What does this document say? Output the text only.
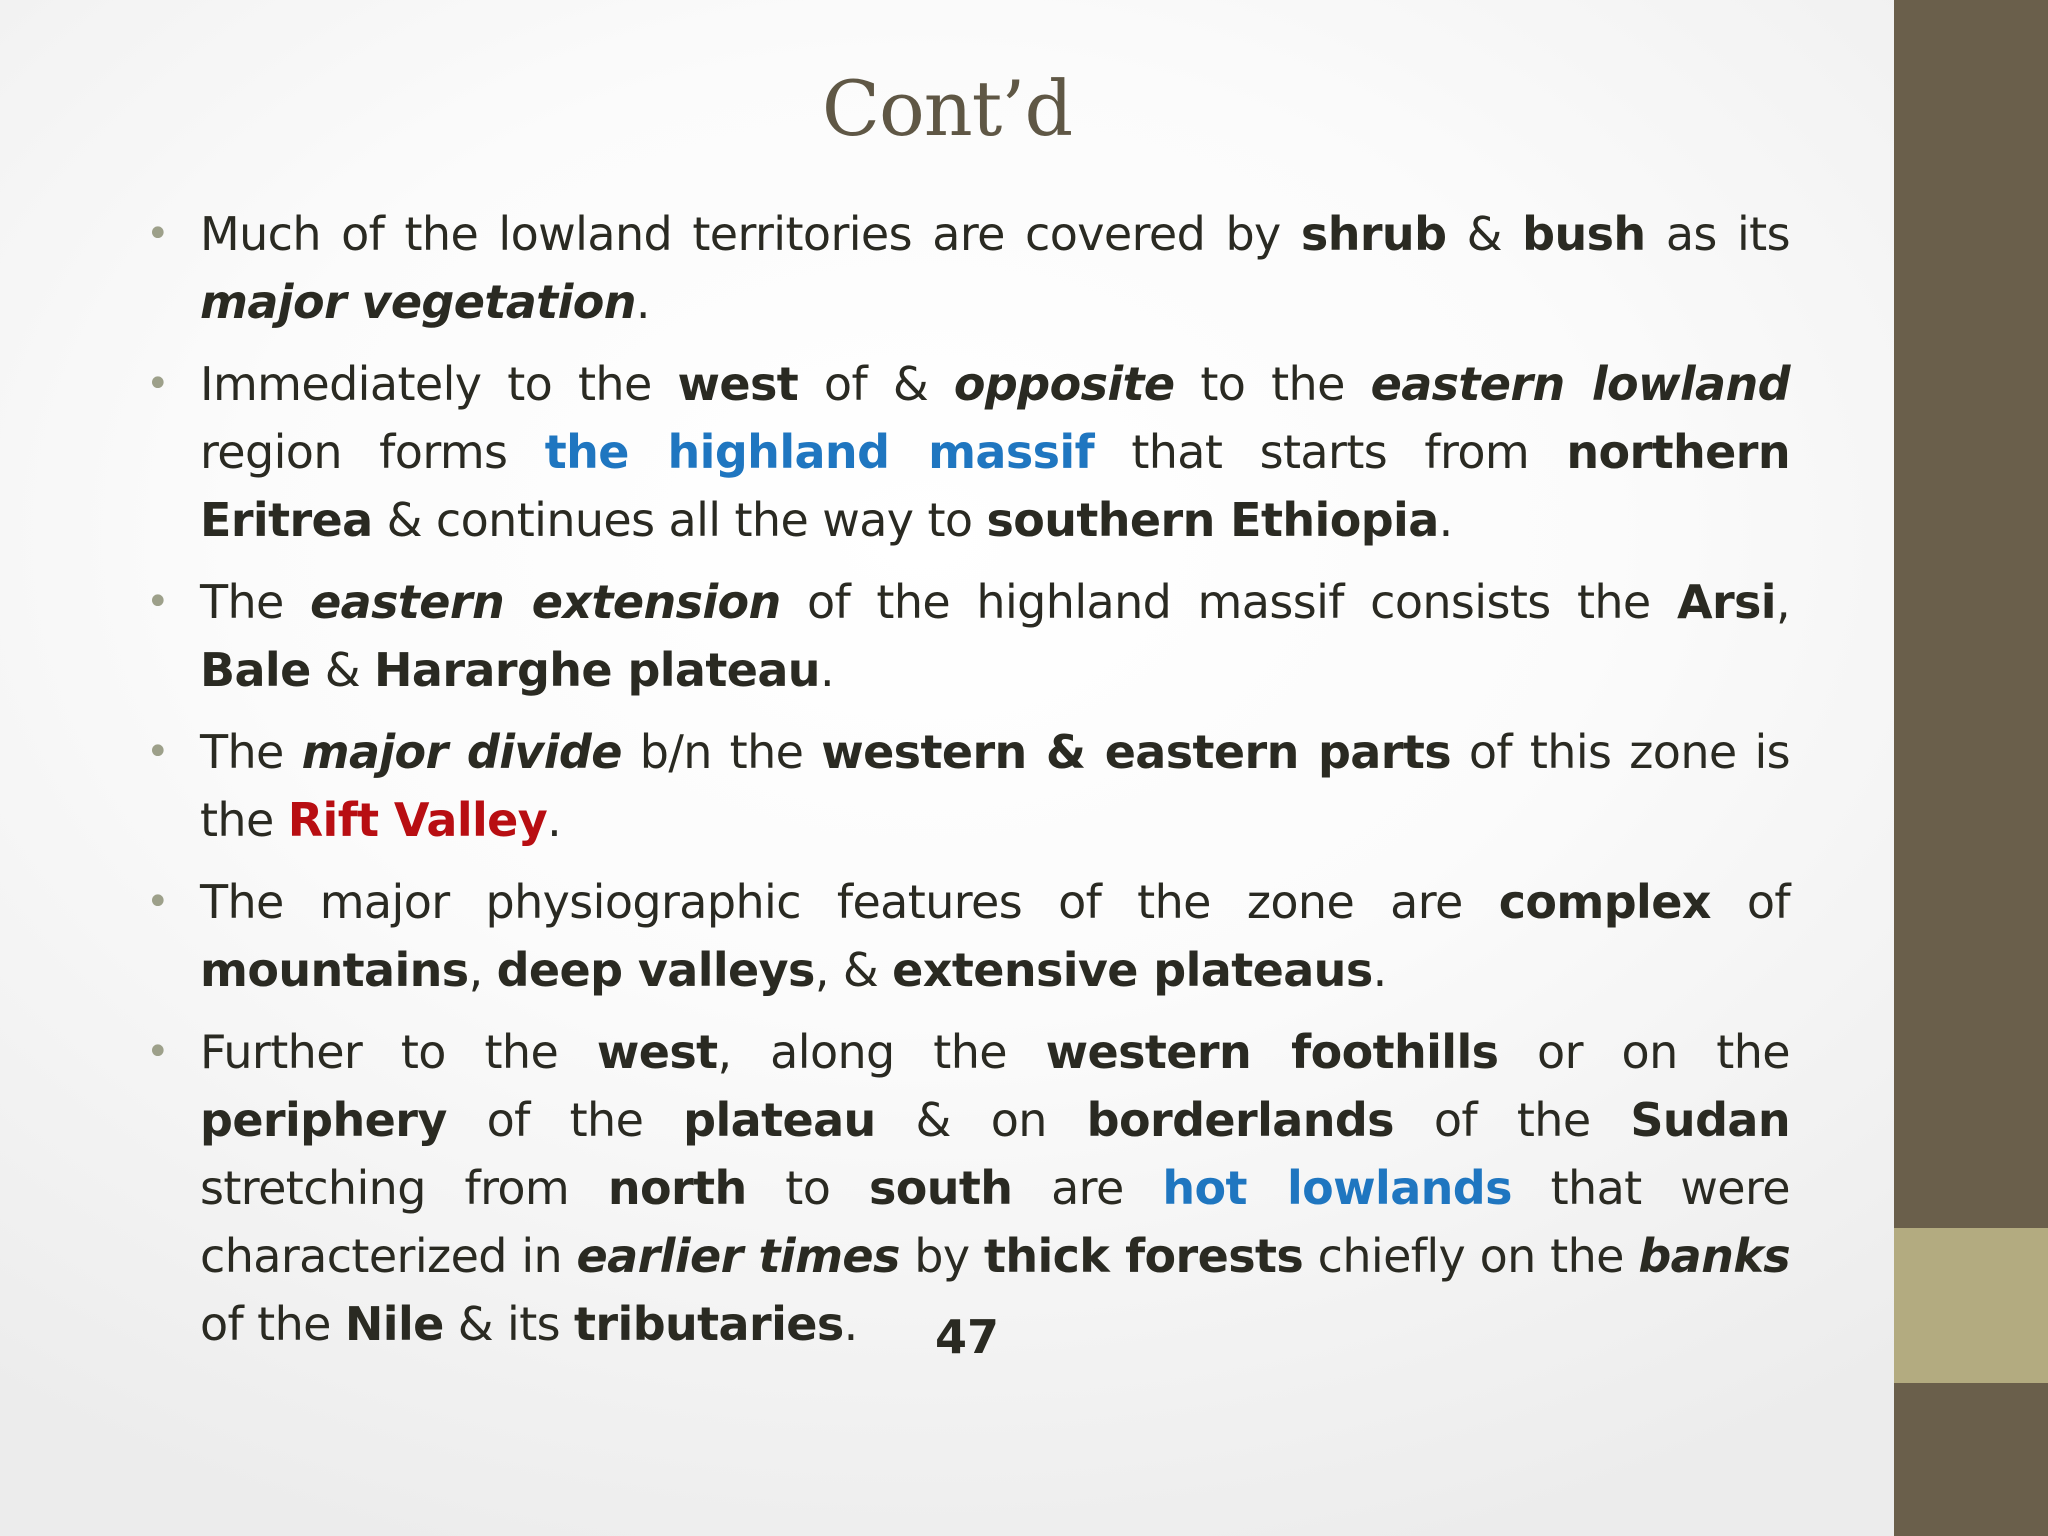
Cont’d
• Much of the lowland territories are covered by shrub & bush as its major vegetation.
• Immediately to the west of & opposite to the eastern lowland region forms the highland massif that starts from northern Eritrea & continues all the way to southern Ethiopia.
• The eastern extension of the highland massif consists the Arsi, Bale & Hararghe plateau.
• The major divide b/n the western & eastern parts of this zone is the Rift Valley.
• The major physiographic features of the zone are complex of mountains, deep valleys, & extensive plateaus.
• Further to the west, along the western foothills or on the periphery of the plateau & on borderlands of the Sudan stretching from north to south are hot lowlands that were characterized in earlier times by thick forests chiefly on the banks of the Nile & its tributaries.	47
